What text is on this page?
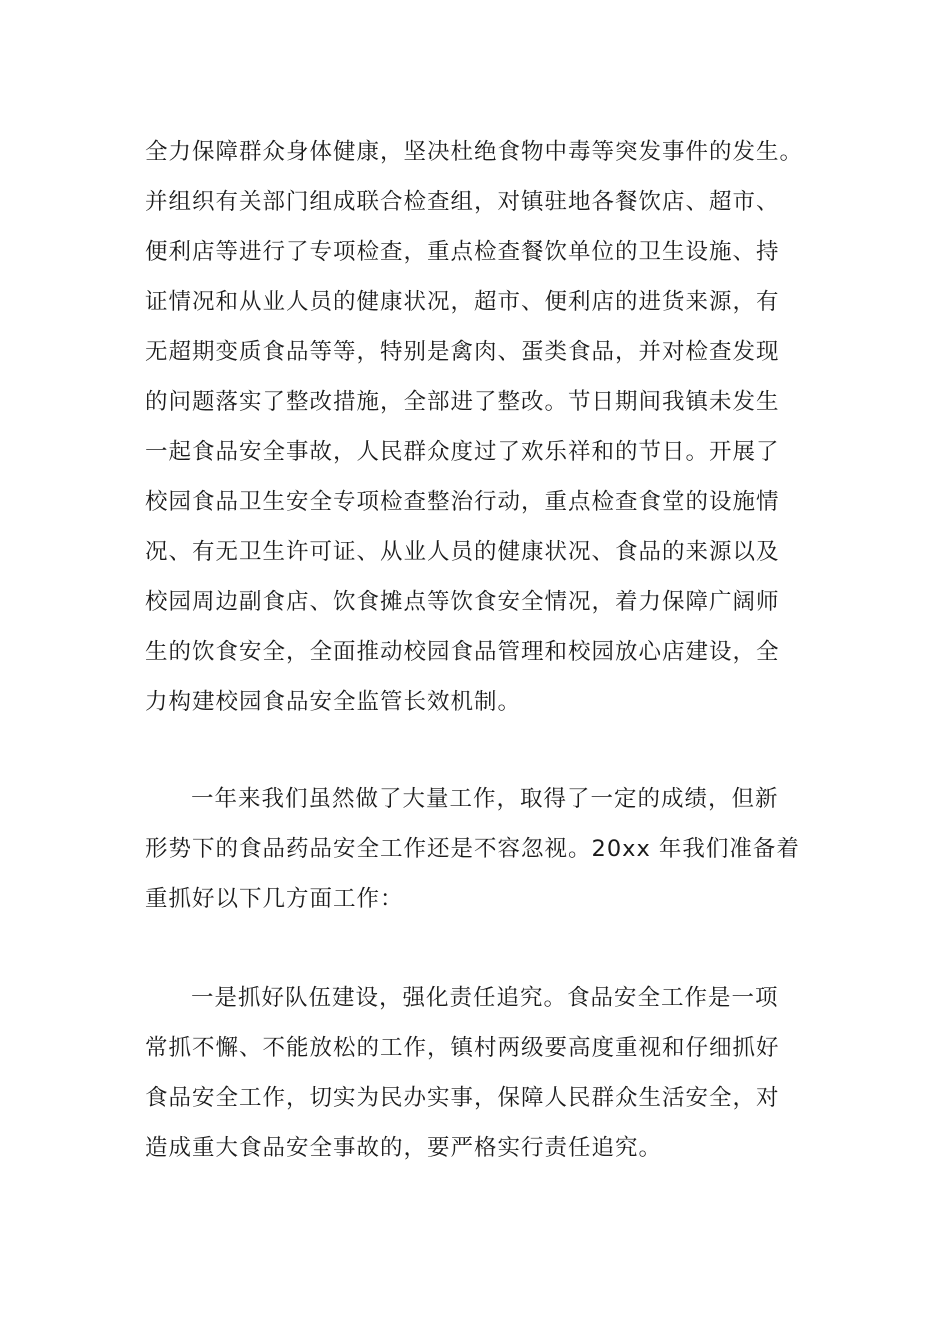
全力保障群众身体健康，坚决杜绝食物中毒等突发事件的发生。
并组织有关部门组成联合检查组，对镇驻地各餐饮店、超市、
便利店等进行了专项检查，重点检查餐饮单位的卫生设施、持
证情况和从业人员的健康状况，超市、便利店的进货来源，有
无超期变质食品等等，特别是禽肉、蛋类食品，并对检查发现
的问题落实了整改措施，全部进了整改。节日期间我镇未发生
一起食品安全事故，人民群众度过了欢乐祥和的节日。开展了
校园食品卫生安全专项检查整治行动，重点检查食堂的设施情
况、有无卫生许可证、从业人员的健康状况、食品的来源以及
校园周边副食店、饮食摊点等饮食安全情况，着力保障广阔师
生的饮食安全，全面推动校园食品管理和校园放心店建设，全
力构建校园食品安全监管长效机制。
一年来我们虽然做了大量工作，取得了一定的成绩，但新
形势下的食品药品安全工作还是不容忽视。20xx 年我们准备着
重抓好以下几方面工作：
一是抓好队伍建设，强化责任追究。食品安全工作是一项
常抓不懈、不能放松的工作，镇村两级要高度重视和仔细抓好
食品安全工作，切实为民办实事，保障人民群众生活安全，对
造成重大食品安全事故的，要严格实行责任追究。
